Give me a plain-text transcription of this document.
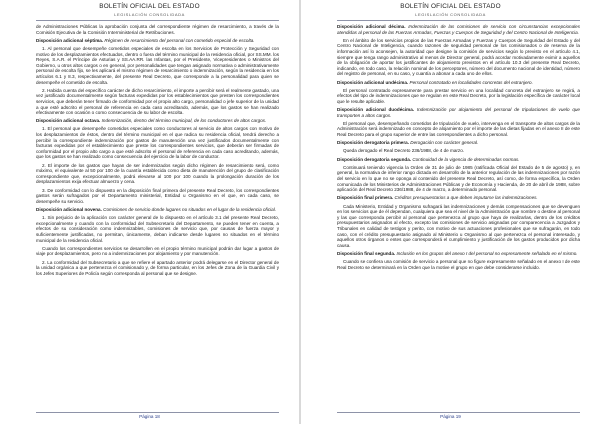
BOLETÍN OFICIAL DEL ESTADO
LEGISLACIÓN CONSOLIDADA

de Administraciones Públicas la aprobación conjunta del correspondiente régimen de resarcimiento, a través de la Comisión Ejecutiva de la Comisión Interministerial de Retribuciones.

Disposición adicional séptima. Régimen de resarcimiento del personal con cometido especial de escolta.

1. Al personal que desempeñe cometidos especiales de escolta en los Servicios de Protección y Seguridad con motivo de los desplazamientos efectuados, dentro o fuera del término municipal de la residencia oficial, por SS.MM. los Reyes, S.A.R. el Príncipe de Asturias y SS.AA.RR. las Infantas, por el Presidente, Vicepresidentes o Ministros del Gobierno, u otros altos cargos o en general, por personalidades que tengan asignado normativa o administrativamente personal de escolta fijo, se les aplicará el mismo régimen de resarcimiento o indemnización, según la residencia en los artículos 6.1 y 8.3, respectivamente, del presente Real Decreto, que corresponde a la personalidad para quien se desempeñe el cometido de escolta.

2. Habida cuenta del específico carácter de dicho resarcimiento, el importe a percibir será el realmente gastado, una vez justificado documentalmente según facturas expedidas por los establecimientos que presten los correspondientes servicios, que deberán tener firmado de conformidad por el propio alto cargo, personalidad o jefe superior de la unidad a que esté adscrito el personal de referencia en cada caso acreditando, además, que los gastos se han realizado efectivamente con ocasión o como consecuencia de su labor de escolta.

Disposición adicional octava. Indemnización, dentro del término municipal, de los conductores de altos cargos.

1. El personal que desempeñe cometidos especiales como conductores al servicio de altos cargos con motivo de los desplazamientos de éstos, dentro del término municipal en el que radica su residencia oficial, tendrá derecho a percibir la correspondiente indemnización por gastos de manutención una vez justificados documentalmente con facturas expedidas por el establecimiento que preste los correspondientes servicios, que deberán ser firmadas de conformidad por el propio alto cargo a que esté adscrito el personal de referencia en cada caso acreditando, además, que los gastos se han realizado como consecuencia del ejercicio de la labor de conductor.

2. El importe de los gastos que hayan de ser indemnizados según dicho régimen de resarcimiento será, como máximo, el equivalente al 50 por 100 de la cuantía establecida como dieta de manutención del grupo de clasificación correspondiente que, excepcionalmente, podrá elevarse al 100 por 100 cuando la prolongación duración de los desplazamientos exija efectuar almuerzo y cena.

3. De conformidad con lo dispuesto en la disposición final primera del presente Real Decreto, los correspondientes gastos serán sufragados por el Departamento ministerial, Entidad u Organismo en el que, en cada caso, se desempeñe su servicio.

Disposición adicional novena. Comisiones de servicio donde lugares no situados en el lugar de la residencia oficial.

1. Sin perjuicio de la aplicación con carácter general de lo dispuesto en el artículo 3.1 del presente Real Decreto, excepcionalmente y cuando con la conformidad del Subsecretario del Departamento, se pueden tener en cuenta, a efectos de su consideración como indemnizables, comisiones de servicio que, por causas de fuerza mayor y suficientemente justificadas, no permitan, únicamente, deban indicarse desde lugares no situados en el término municipal de la residencia oficial.

Cuando los correspondientes servicios se desarrollen en el propio término municipal podrán dar lugar a gastos de viaje por desplazamientos, pero no a indemnizaciones por alojamiento y por manutención.

2. La conformidad del Subsecretario a que se refiere el apartado anterior podrá delegarse en el Director general de la unidad orgánica a que pertenezca el comisionado y, de forma particular, en los Jefes de Zona de la Guardia Civil y los Jefes Superiores de Policía según corresponda al personal que se designe.

Página 18
BOLETÍN OFICIAL DEL ESTADO
LEGISLACIÓN CONSOLIDADA

Disposición adicional décima. Indemnización de las comisiones de servicio con circunstancias excepcionales atendidas al personal de las Fuerzas Armadas, Fuerzas y Cuerpos de Seguridad y del Centro Nacional de Inteligencia.

En el ámbito de los servicios propios de las Fuerzas Armadas y Fuerzas y Cuerpos de Seguridad del Estado y del Centro Nacional de Inteligencia, cuando razones de seguridad personal de los comisionados o de reserva de la información así lo aconsejen, la autoridad que designe la comisión de servicios según lo previsto en el artículo 4.1, siempre que tenga rango administrativo al menos de Director general, podrá acordar motivadamente eximir a aquellos de la obligación de aportar los justificantes de alojamiento previstos en el artículo 10.3 del presente Real Decreto, indicando, en todo caso, la relación nominal de los perceptores, número del documento nacional de identidad, número del registro de personal, en su caso, y cuantía a abonar a cada uno de ellos.

Disposición adicional undécima. Personal contratado en localidades concretas del extranjero.

El personal contratado expresamente para prestar servicio en una localidad concreta del extranjero se regirá, a efectos del tipo de indemnizaciones que se regulan en este Real Decreto, por la legislación específica de carácter local que le resulte aplicable.

Disposición adicional duodécima. Indemnización por alojamiento del personal de tripulaciones de vuelo que transporten a altos cargos.

El personal que, desempeñando cometidos de tripulación de vuelo, intervenga en el transporte de altos cargos de la Administración será indemnizado en concepto de alojamiento por el importe de las dietas fijadas en el anexo II de este Real Decreto para el grupo superior de entre las correspondientes a dicho personal.

Disposición derogatoria primera. Derogación con carácter general.

Queda derogado el Real Decreto 236/1988, de 4 de marzo.

Disposición derogatoria segunda. Continuidad de la vigencia de determinadas normas.

Continuará teniendo vigencia la Orden de 31 de julio de 1985 (ratificada Oficial del Estado de 5 de agosto) y, en general, la normativa de inferior rango dictada en desarrollo de la anterior regulación de las indemnizaciones por razón del servicio en lo que no se oponga al contenido del presente Real Decreto, así como, de forma específica, la Orden comunicada de los Ministerios de Administraciones Públicas y de Economía y Hacienda, de 20 de abril de 1988, sobre aplicación del Real Decreto 236/1988, de 4 de marzo, a determinado personal.

Disposición final primera. Créditos presupuestarios a que deben imputarse las indemnizaciones.

Cada Ministerio, Entidad y Organismo sufragará las indemnizaciones y demás compensaciones que se devenguen en los servicios que de él dependan, cualquiera que sea el nivel de la Administración que nombre o destine al personal y las que corresponda percibir al personal que pertenezca al grupo que haya de realizarlas, dentro de los créditos presupuestarios asignados al efecto, excepto las comisiones de servicio asignadas por comparecencia a Juzgados y Tribunales en calidad de testigos y perito, con motivo de sus actuaciones profesionales que se sufragarán, en todo caso, con el crédito presupuestario asignado al Ministerio u Organismo al que pertenezca el personal interesado, y aquellos otros órganos o entes que corresponderá el cumplimiento y justificación de los gastos producidos por dicha causa.

Disposición final segunda. Inclusión en los grupos del anexo I del personal no expresamente señalado en el mismo.

Cuando se confiera una comisión de servicio a personal que no figure expresamente señalado en el anexo I de este Real Decreto se determinará en la Orden que la motive el grupo en que debe considerarse incluido.

Página 19
